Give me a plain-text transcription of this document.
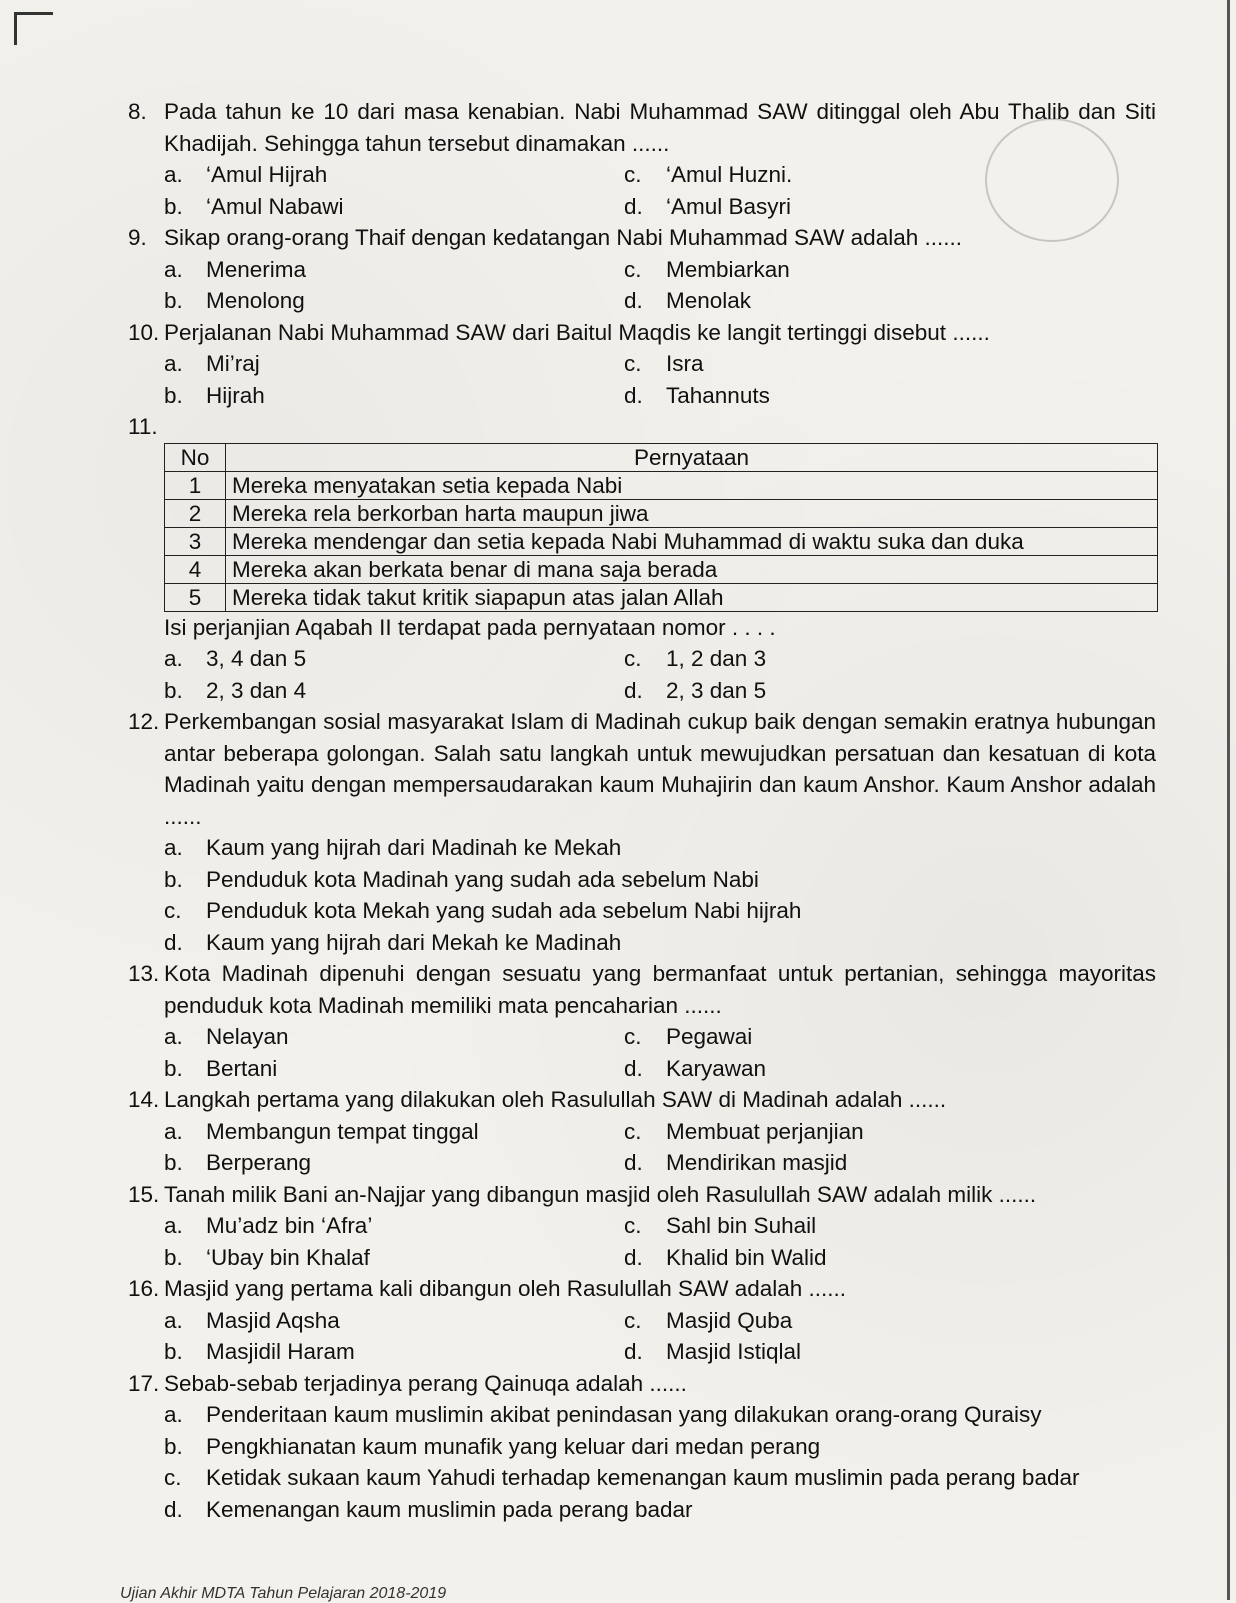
8. Pada tahun ke 10 dari masa kenabian. Nabi Muhammad SAW ditinggal oleh Abu Thalib dan Siti Khadijah. Sehingga tahun tersebut dinamakan ......
a.	‘Amul Hijrah	c.	‘Amul Huzni.
b.	‘Amul Nabawi	d.	‘Amul Basyri
9. Sikap orang-orang Thaif dengan kedatangan Nabi Muhammad SAW adalah ......
a.	Menerima	c.	Membiarkan
b.	Menolong	d.	Menolak
10. Perjalanan Nabi Muhammad SAW dari Baitul Maqdis ke langit tertinggi disebut ......
a.	Mi’raj	c.	Isra
b.	Hijrah	d.	Tahannuts
11.
No	Pernyataan
1	Mereka menyatakan setia kepada Nabi
2	Mereka rela berkorban harta maupun jiwa
3	Mereka mendengar dan setia kepada Nabi Muhammad di waktu suka dan duka
4	Mereka akan berkata benar di mana saja berada
5	Mereka tidak takut kritik siapapun atas jalan Allah
Isi perjanjian Aqabah II terdapat pada pernyataan nomor . . . .
a.	3, 4 dan 5	c.	1, 2 dan 3
b.	2, 3 dan 4	d.	2, 3 dan 5
12. Perkembangan sosial masyarakat Islam di Madinah cukup baik dengan semakin eratnya hubungan antar beberapa golongan. Salah satu langkah untuk mewujudkan persatuan dan kesatuan di kota Madinah yaitu dengan mempersaudarakan kaum Muhajirin dan kaum Anshor. Kaum Anshor adalah ......
a.	Kaum yang hijrah dari Madinah ke Mekah
b.	Penduduk kota Madinah yang sudah ada sebelum Nabi
c.	Penduduk kota Mekah yang sudah ada sebelum Nabi hijrah
d.	Kaum yang hijrah dari Mekah ke Madinah
13. Kota Madinah dipenuhi dengan sesuatu yang bermanfaat untuk pertanian, sehingga mayoritas penduduk kota Madinah memiliki mata pencaharian ......
a.	Nelayan	c.	Pegawai
b.	Bertani	d.	Karyawan
14. Langkah pertama yang dilakukan oleh Rasulullah SAW di Madinah adalah ......
a.	Membangun tempat tinggal	c.	Membuat perjanjian
b.	Berperang	d.	Mendirikan masjid
15. Tanah milik Bani an-Najjar yang dibangun masjid oleh Rasulullah SAW adalah milik ......
a.	Mu’adz bin ‘Afra’	c.	Sahl bin Suhail
b.	‘Ubay bin Khalaf	d.	Khalid bin Walid
16. Masjid yang pertama kali dibangun oleh Rasulullah SAW adalah ......
a.	Masjid Aqsha	c.	Masjid Quba
b.	Masjidil Haram	d.	Masjid Istiqlal
17. Sebab-sebab terjadinya perang Qainuqa adalah ......
a.	Penderitaan kaum muslimin akibat penindasan yang dilakukan orang-orang Quraisy
b.	Pengkhianatan kaum munafik yang keluar dari medan perang
c.	Ketidak sukaan kaum Yahudi terhadap kemenangan kaum muslimin pada perang badar
d.	Kemenangan kaum muslimin pada perang badar
Ujian Akhir MDTA Tahun Pelajaran 2018-2019
